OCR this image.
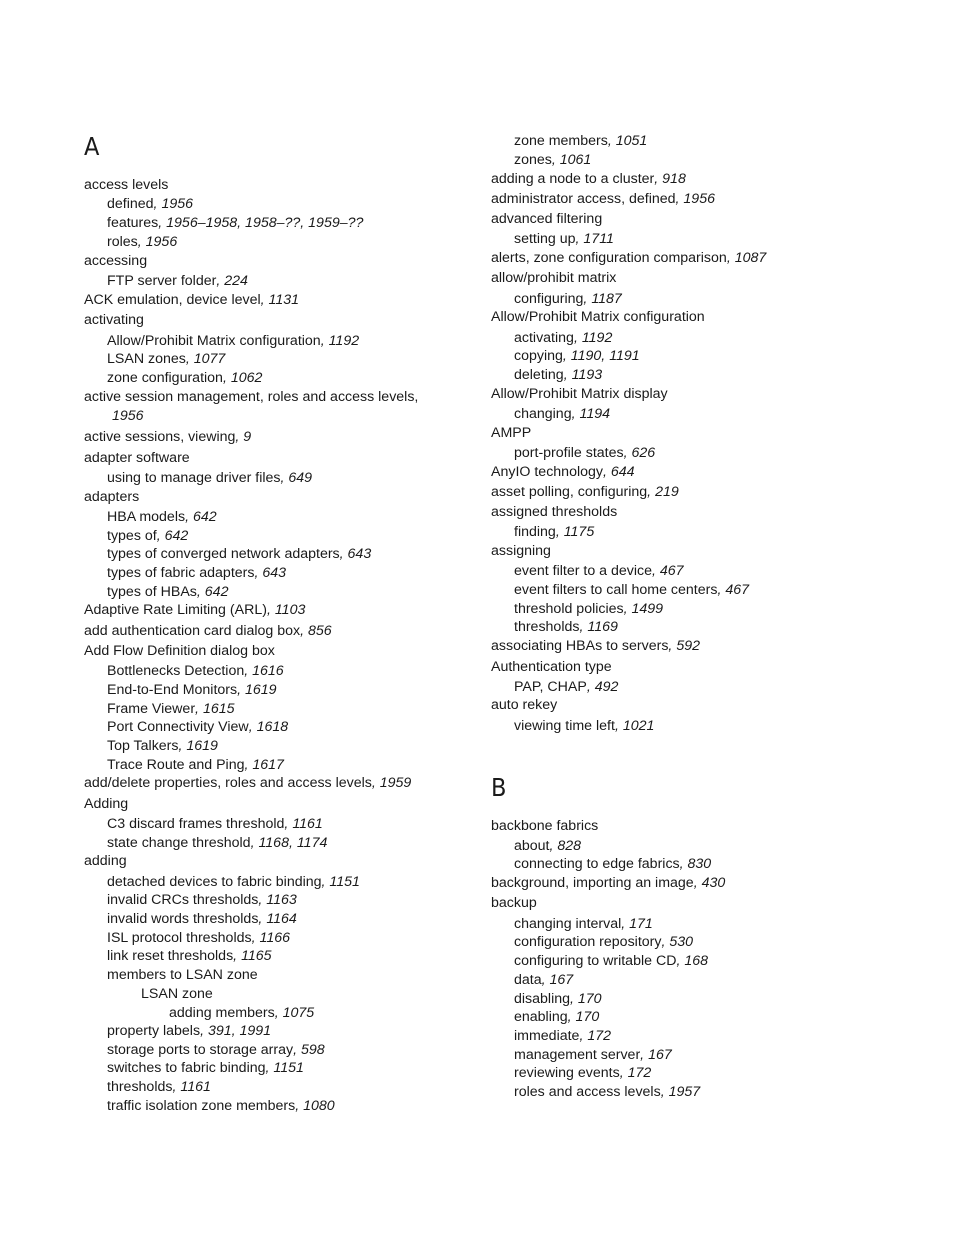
A
access levels
defined, 1956
features, 1956–1958, 1958–??, 1959–??
roles, 1956
accessing
FTP server folder, 224
ACK emulation, device level, 1131
activating
Allow/Prohibit Matrix configuration, 1192
LSAN zones, 1077
zone configuration, 1062
active session management, roles and access levels,
1956
active sessions, viewing, 9
adapter software
using to manage driver files, 649
adapters
HBA models, 642
types of, 642
types of converged network adapters, 643
types of fabric adapters, 643
types of HBAs, 642
Adaptive Rate Limiting (ARL), 1103
add authentication card dialog box, 856
Add Flow Definition dialog box
Bottlenecks Detection, 1616
End-to-End Monitors, 1619
Frame Viewer, 1615
Port Connectivity View, 1618
Top Talkers, 1619
Trace Route and Ping, 1617
add/delete properties, roles and access levels, 1959
Adding
C3 discard frames threshold, 1161
state change threshold, 1168, 1174
adding
detached devices to fabric binding, 1151
invalid CRCs thresholds, 1163
invalid words thresholds, 1164
ISL protocol thresholds, 1166
link reset thresholds, 1165
members to LSAN zone
LSAN zone
adding members, 1075
property labels, 391, 1991
storage ports to storage array, 598
switches to fabric binding, 1151
thresholds, 1161
traffic isolation zone members, 1080
B
zone members, 1051
zones, 1061
adding a node to a cluster, 918
administrator access, defined, 1956
advanced filtering
setting up, 1711
alerts, zone configuration comparison, 1087
allow/prohibit matrix
configuring, 1187
Allow/Prohibit Matrix configuration
activating, 1192
copying, 1190, 1191
deleting, 1193
Allow/Prohibit Matrix display
changing, 1194
AMPP
port-profile states, 626
AnyIO technology, 644
asset polling, configuring, 219
assigned thresholds
finding, 1175
assigning
event filter to a device, 467
event filters to call home centers, 467
threshold policies, 1499
thresholds, 1169
associating HBAs to servers, 592
Authentication type
PAP, CHAP, 492
auto rekey
viewing time left, 1021
backbone fabrics
about, 828
connecting to edge fabrics, 830
background, importing an image, 430
backup
changing interval, 171
configuration repository, 530
configuring to writable CD, 168
data, 167
disabling, 170
enabling, 170
immediate, 172
management server, 167
reviewing events, 172
roles and access levels, 1957
